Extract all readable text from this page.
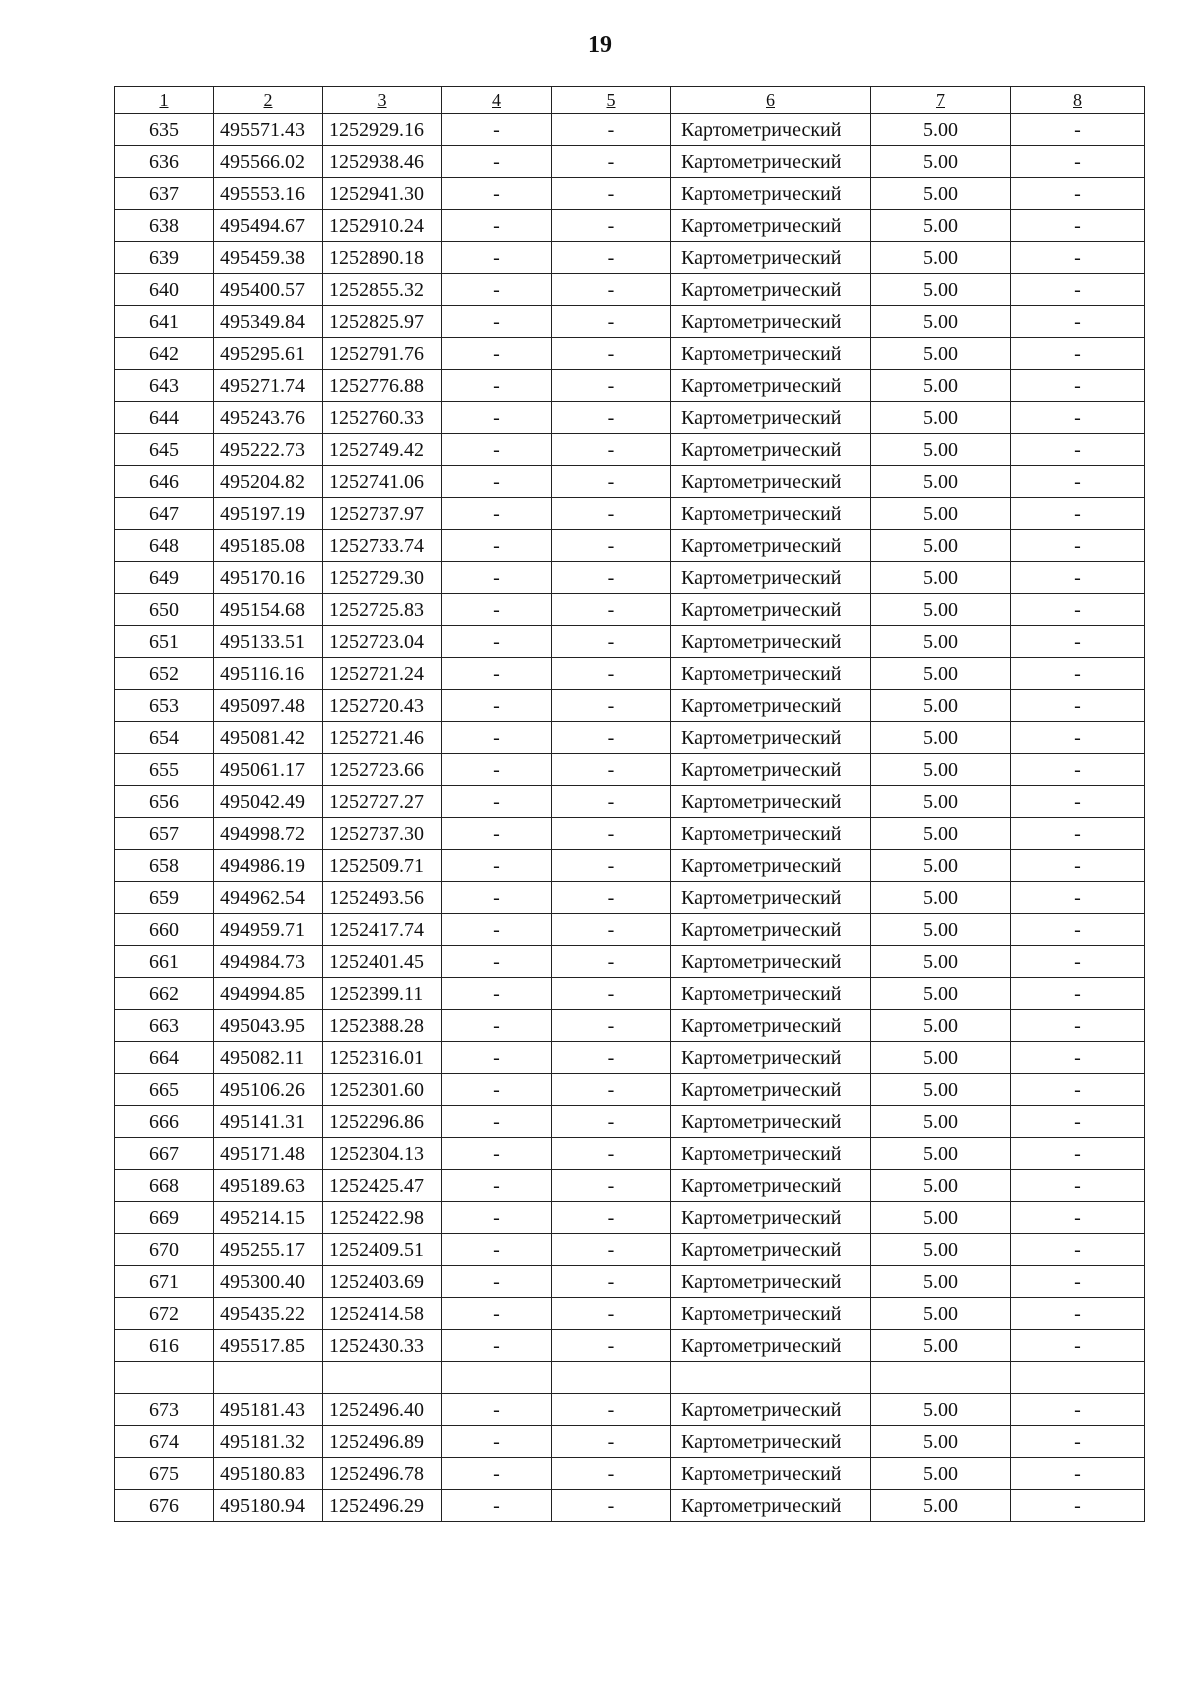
19
1	2	3	4	5	6	7	8
635	495571.43	1252929.16	-	-	Картометрический	5.00	-
636	495566.02	1252938.46	-	-	Картометрический	5.00	-
637	495553.16	1252941.30	-	-	Картометрический	5.00	-
638	495494.67	1252910.24	-	-	Картометрический	5.00	-
639	495459.38	1252890.18	-	-	Картометрический	5.00	-
640	495400.57	1252855.32	-	-	Картометрический	5.00	-
641	495349.84	1252825.97	-	-	Картометрический	5.00	-
642	495295.61	1252791.76	-	-	Картометрический	5.00	-
643	495271.74	1252776.88	-	-	Картометрический	5.00	-
644	495243.76	1252760.33	-	-	Картометрический	5.00	-
645	495222.73	1252749.42	-	-	Картометрический	5.00	-
646	495204.82	1252741.06	-	-	Картометрический	5.00	-
647	495197.19	1252737.97	-	-	Картометрический	5.00	-
648	495185.08	1252733.74	-	-	Картометрический	5.00	-
649	495170.16	1252729.30	-	-	Картометрический	5.00	-
650	495154.68	1252725.83	-	-	Картометрический	5.00	-
651	495133.51	1252723.04	-	-	Картометрический	5.00	-
652	495116.16	1252721.24	-	-	Картометрический	5.00	-
653	495097.48	1252720.43	-	-	Картометрический	5.00	-
654	495081.42	1252721.46	-	-	Картометрический	5.00	-
655	495061.17	1252723.66	-	-	Картометрический	5.00	-
656	495042.49	1252727.27	-	-	Картометрический	5.00	-
657	494998.72	1252737.30	-	-	Картометрический	5.00	-
658	494986.19	1252509.71	-	-	Картометрический	5.00	-
659	494962.54	1252493.56	-	-	Картометрический	5.00	-
660	494959.71	1252417.74	-	-	Картометрический	5.00	-
661	494984.73	1252401.45	-	-	Картометрический	5.00	-
662	494994.85	1252399.11	-	-	Картометрический	5.00	-
663	495043.95	1252388.28	-	-	Картометрический	5.00	-
664	495082.11	1252316.01	-	-	Картометрический	5.00	-
665	495106.26	1252301.60	-	-	Картометрический	5.00	-
666	495141.31	1252296.86	-	-	Картометрический	5.00	-
667	495171.48	1252304.13	-	-	Картометрический	5.00	-
668	495189.63	1252425.47	-	-	Картометрический	5.00	-
669	495214.15	1252422.98	-	-	Картометрический	5.00	-
670	495255.17	1252409.51	-	-	Картометрический	5.00	-
671	495300.40	1252403.69	-	-	Картометрический	5.00	-
672	495435.22	1252414.58	-	-	Картометрический	5.00	-
616	495517.85	1252430.33	-	-	Картометрический	5.00	-

673	495181.43	1252496.40	-	-	Картометрический	5.00	-
674	495181.32	1252496.89	-	-	Картометрический	5.00	-
675	495180.83	1252496.78	-	-	Картометрический	5.00	-
676	495180.94	1252496.29	-	-	Картометрический	5.00	-
